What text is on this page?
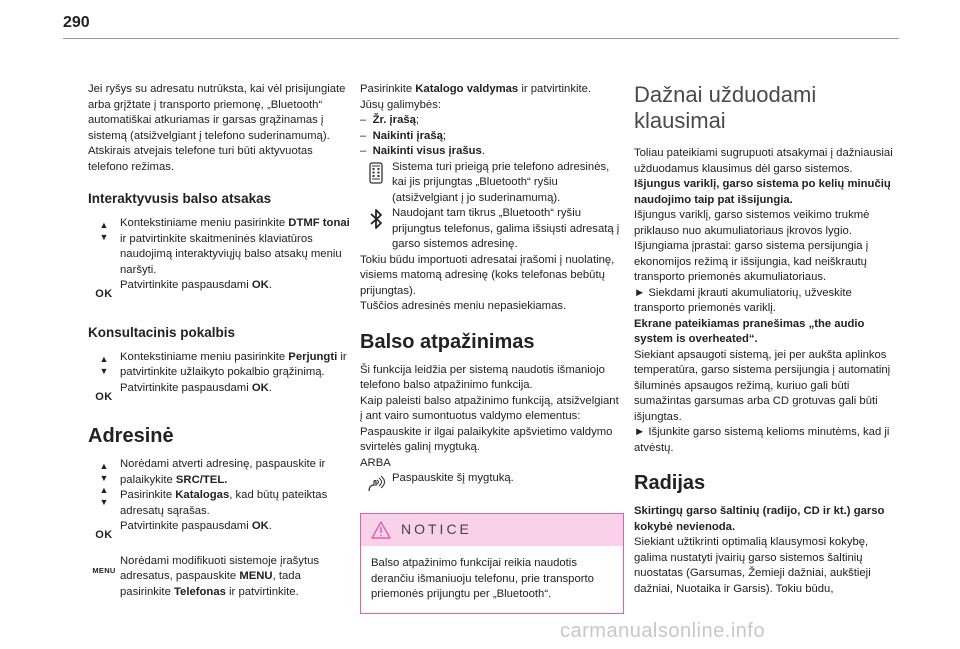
290

Jei ryšys su adresatu nutrūksta, kai vėl prisijungiate arba grįžtate į transporto priemonę, „Bluetooth“ automatiškai atkuriamas ir garsas grąžinamas į sistemą (atsižvelgiant į telefono suderinamumą).

Atskirais atvejais telefone turi būti aktyvuotas telefono režimas.

Interaktyvusis balso atsakas
▲
▼
Kontekstiniame meniu pasirinkite DTMF tonai ir patvirtinkite skaitmeninės klaviatūros naudojimą interaktyviųjų balso atsakų meniu naršyti.
OK
Patvirtinkite paspausdami OK.
Konsultacinis pokalbis
▲
▼
Kontekstiniame meniu pasirinkite Perjungti ir patvirtinkite užlaikyto pokalbio grąžinimą.
OK
Patvirtinkite paspausdami OK.
Adresinė
▲
▼
▲
▼

Norėdami atverti adresinę, paspauskite ir palaikykite SRC/TEL.

Pasirinkite Katalogas, kad būtų pateiktas adresatų sąrašas.

OK
Patvirtinkite paspausdami OK.
MENU
Norėdami modifikuoti sistemoje įrašytus adresatus, paspauskite MENU, tada pasirinkite Telefonas ir patvirtinkite.

Pasirinkite Katalogo valdymas ir patvirtinkite.

Jūsų galimybės:

– Žr. įrašą;

– Naikinti įrašą;

– Naikinti visus įrašus.

Sistema turi prieigą prie telefono adresinės, kai jis prijungtas „Bluetooth“ ryšiu (atsižvelgiant į jo suderinamumą).
Naudojant tam tikrus „Bluetooth“ ryšiu prijungtus telefonus, galima išsiųsti adresatą į garso sistemos adresinę.

Tokiu būdu importuoti adresatai įrašomi į nuolatinę, visiems matomą adresinę (koks telefonas bebūtų prijungtas).

Tuščios adresinės meniu nepasiekiamas.

Balso atpažinimas

Ši funkcija leidžia per sistemą naudotis išmaniojo telefono balso atpažinimo funkcija.

Kaip paleisti balso atpažinimo funkciją, atsižvelgiant į ant vairo sumontuotus valdymo elementus:

Paspauskite ir ilgai palaikykite apšvietimo valdymo svirtelės galinį mygtuką.

ARBA

Paspauskite šį mygtuką.
NOTICE
Balso atpažinimo funkcijai reikia naudotis derančiu išmaniuoju telefonu, prie transporto priemonės prijungtu per „Bluetooth“.
Dažnai užduodami klausimai

Toliau pateikiami sugrupuoti atsakymai į dažniausiai užduodamus klausimus dėl garso sistemos.

Išjungus variklį, garso sistema po kelių minučių naudojimo taip pat išsijungia.

Išjungus variklį, garso sistemos veikimo trukmė priklauso nuo akumuliatoriaus įkrovos lygio.

Išjungiama įprastai: garso sistema persijungia į ekonomijos režimą ir išsijungia, kad neiškrautų transporto priemonės akumuliatoriaus.

► Siekdami įkrauti akumuliatorių, užveskite transporto priemonės variklį.

Ekrane pateikiamas pranešimas „the audio system is overheated“.

Siekiant apsaugoti sistemą, jei per aukšta aplinkos temperatūra, garso sistema persijungia į automatinį šiluminės apsaugos režimą, kuriuo gali būti sumažintas garsumas arba CD grotuvas gali būti išjungtas.

► Išjunkite garso sistemą kelioms minutėms, kad ji atvėstų.

Radijas

Skirtingų garso šaltinių (radijo, CD ir kt.) garso kokybė nevienoda.

Siekiant užtikrinti optimalią klausymosi kokybę, galima nustatyti įvairių garso sistemos šaltinių nuostatas (Garsumas, Žemieji dažniai, aukštieji dažniai, Nuotaika ir Garsis). Tokiu būdu,

carmanualsonline.info
